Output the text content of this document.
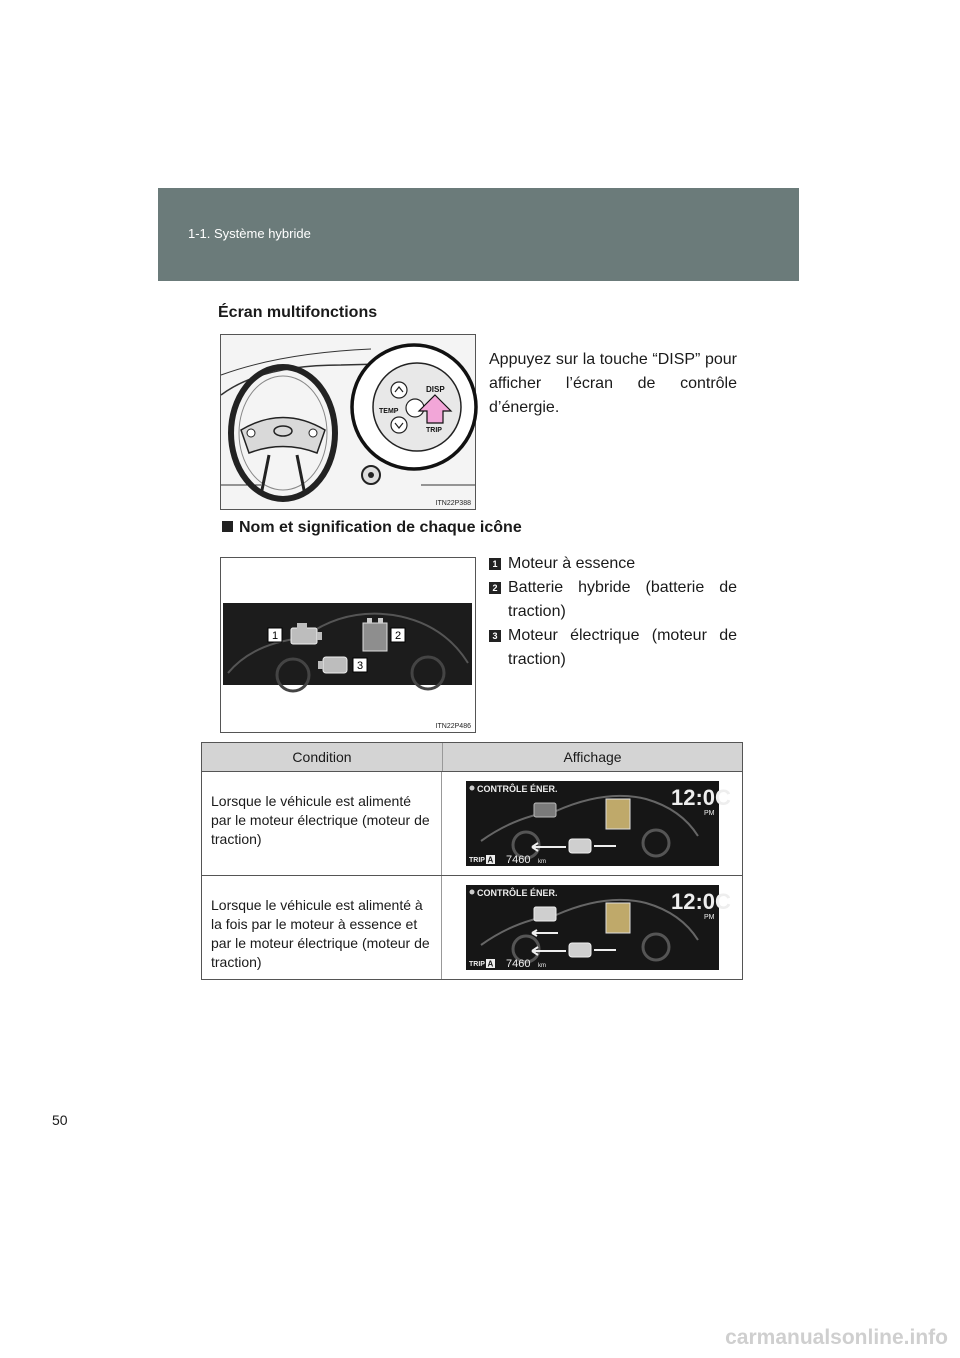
1-1. Système hybride
Écran multifonctions
TEMP
DISP
TRIP
ITN22P388
Appuyez sur la touche “DISP” pour afficher l’écran de contrôle d’énergie.
Nom et signification de chaque icône
1	2
3
ITN22P486
1 Moteur à essence
2 Batterie hybride (batterie de traction)
3 Moteur électrique (moteur de traction)
Condition	Affichage
Lorsque le véhicule est alimenté par le moteur électrique (moteur de traction)
CONTRÔLE ÉNER.	12:0C
PM
TRIP A 7460 km
Lorsque le véhicule est alimenté à la fois par le moteur à essence et par le moteur électrique (moteur de traction)
CONTRÔLE ÉNER.	12:0C
PM
TRIP A 7460 km
50
carmanualsonline.info
